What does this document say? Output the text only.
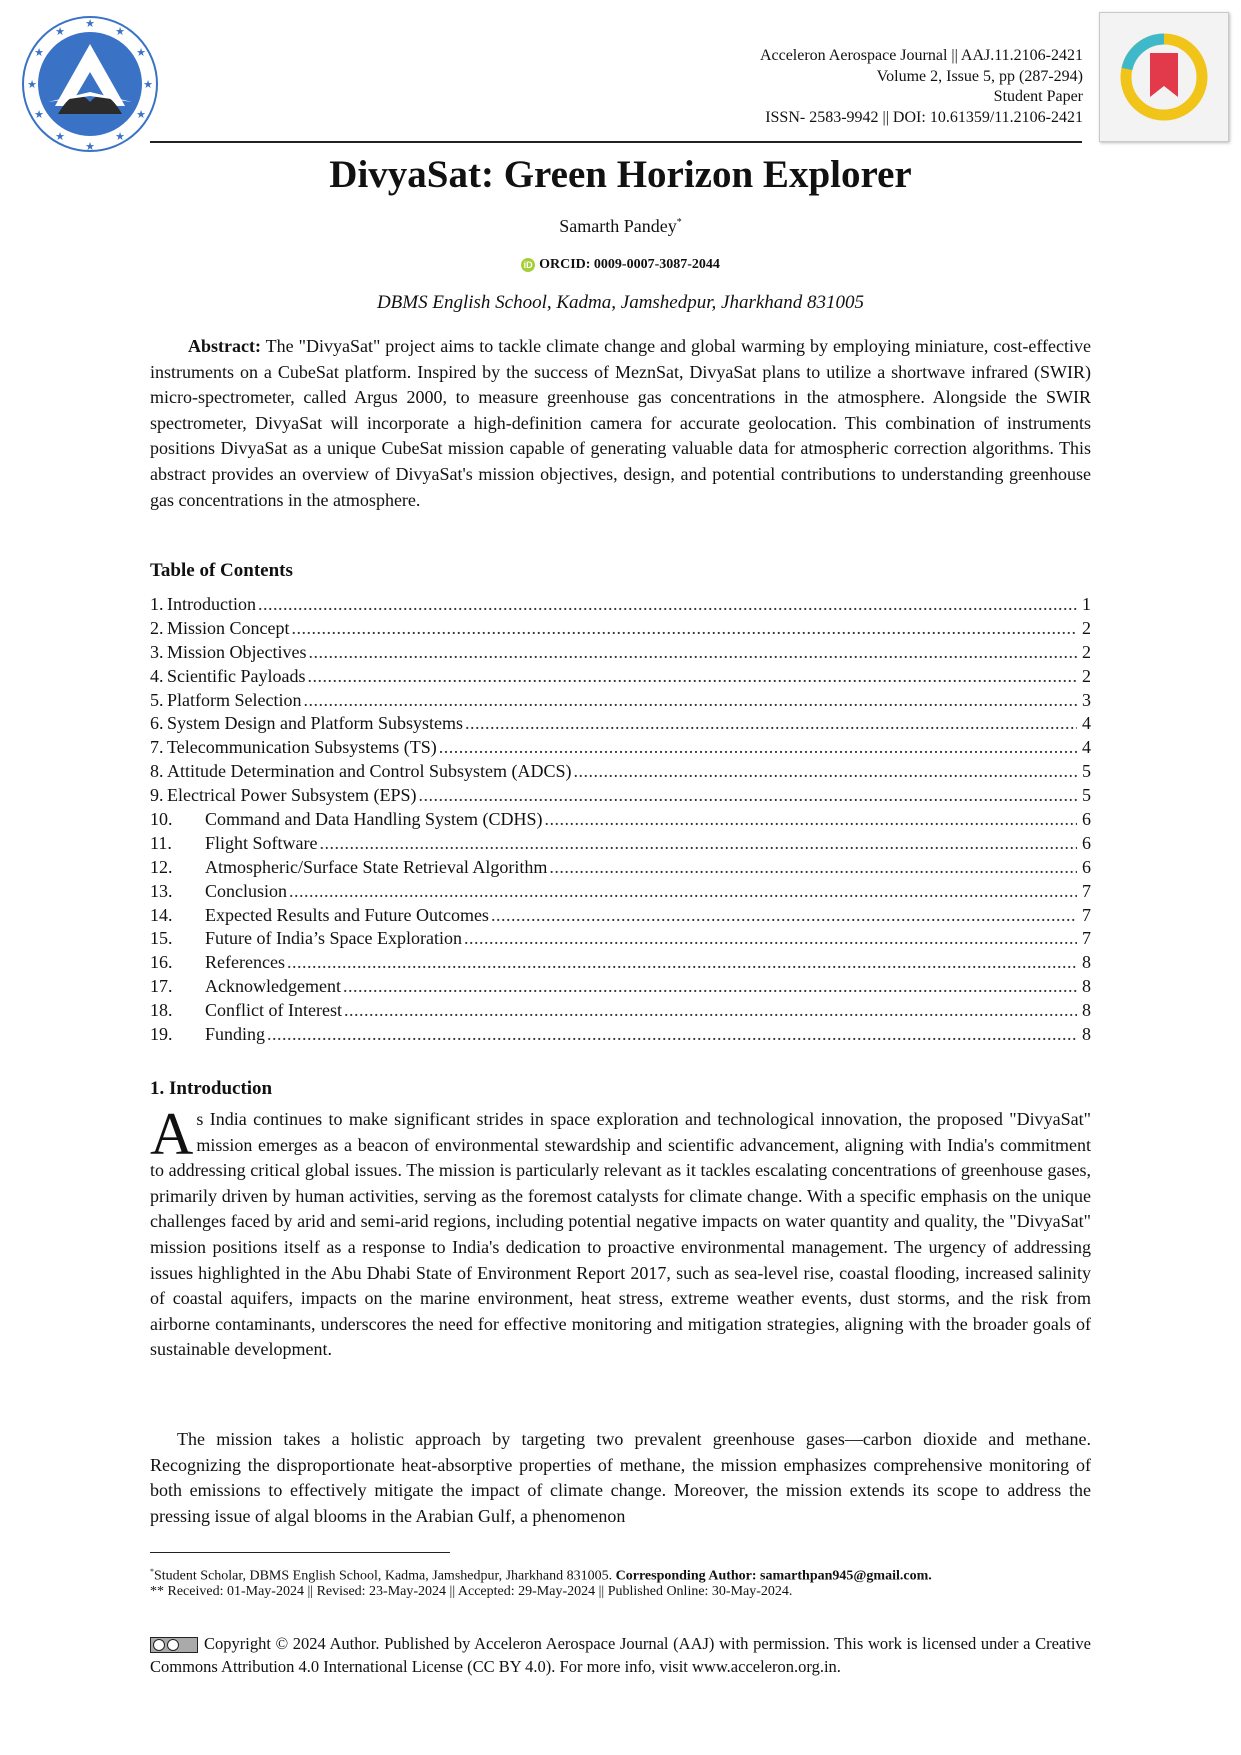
★
★
★
★
★
★
★
★
★
★
★
★
Acceleron Aerospace Journal || AAJ.11.2106-2421
Volume 2, Issue 5, pp (287-294)
Student Paper
ISSN- 2583-9942 || DOI: 10.61359/11.2106-2421
DivyaSat: Green Horizon Explorer
Samarth Pandey*
iD ORCID: 0009-0007-3087-2044
DBMS English School, Kadma, Jamshedpur, Jharkhand 831005
Abstract: The "DivyaSat" project aims to tackle climate change and global warming by employing miniature, cost-effective instruments on a CubeSat platform. Inspired by the success of MeznSat, DivyaSat plans to utilize a shortwave infrared (SWIR) micro-spectrometer, called Argus 2000, to measure greenhouse gas concentrations in the atmosphere. Alongside the SWIR spectrometer, DivyaSat will incorporate a high-definition camera for accurate geolocation. This combination of instruments positions DivyaSat as a unique CubeSat mission capable of generating valuable data for atmospheric correction algorithms. This abstract provides an overview of DivyaSat's mission objectives, design, and potential contributions to understanding greenhouse gas concentrations in the atmosphere.
Table of Contents
1. Introduction .....	1
2. Mission Concept .....	2
3. Mission Objectives .....	2
4. Scientific Payloads .....	2
5. Platform Selection .....	3
6. System Design and Platform Subsystems .....	4
7. Telecommunication Subsystems (TS) .....	4
8. Attitude Determination and Control Subsystem (ADCS) .....	5
9. Electrical Power Subsystem (EPS) .....	5
10.	Command and Data Handling System (CDHS) .....	6
11.	Flight Software .....	6
12.	Atmospheric/Surface State Retrieval Algorithm .....	6
13.	Conclusion .....	7
14.	Expected Results and Future Outcomes .....	7
15.	Future of India’s Space Exploration .....	7
16.	References .....	8
17.	Acknowledgement .....	8
18.	Conflict of Interest .....	8
19.	Funding .....	8
1. Introduction
As India continues to make significant strides in space exploration and technological innovation, the proposed "DivyaSat" mission emerges as a beacon of environmental stewardship and scientific advancement, aligning with India's commitment to addressing critical global issues. The mission is particularly relevant as it tackles escalating concentrations of greenhouse gases, primarily driven by human activities, serving as the foremost catalysts for climate change. With a specific emphasis on the unique challenges faced by arid and semi-arid regions, including potential negative impacts on water quantity and quality, the "DivyaSat" mission positions itself as a response to India's dedication to proactive environmental management. The urgency of addressing issues highlighted in the Abu Dhabi State of Environment Report 2017, such as sea-level rise, coastal flooding, increased salinity of coastal aquifers, impacts on the marine environment, heat stress, extreme weather events, dust storms, and the risk from airborne contaminants, underscores the need for effective monitoring and mitigation strategies, aligning with the broader goals of sustainable development.
The mission takes a holistic approach by targeting two prevalent greenhouse gases—carbon dioxide and methane. Recognizing the disproportionate heat-absorptive properties of methane, the mission emphasizes comprehensive monitoring of both emissions to effectively mitigate the impact of climate change. Moreover, the mission extends its scope to address the pressing issue of algal blooms in the Arabian Gulf, a phenomenon
*Student Scholar, DBMS English School, Kadma, Jamshedpur, Jharkhand 831005. Corresponding Author: samarthpan945@gmail.com.
** Received: 01-May-2024 || Revised: 23-May-2024 || Accepted: 29-May-2024 || Published Online: 30-May-2024.
Copyright © 2024 Author. Published by Acceleron Aerospace Journal (AAJ) with permission. This work is licensed under a Creative Commons Attribution 4.0 International License (CC BY 4.0). For more info, visit www.acceleron.org.in.
